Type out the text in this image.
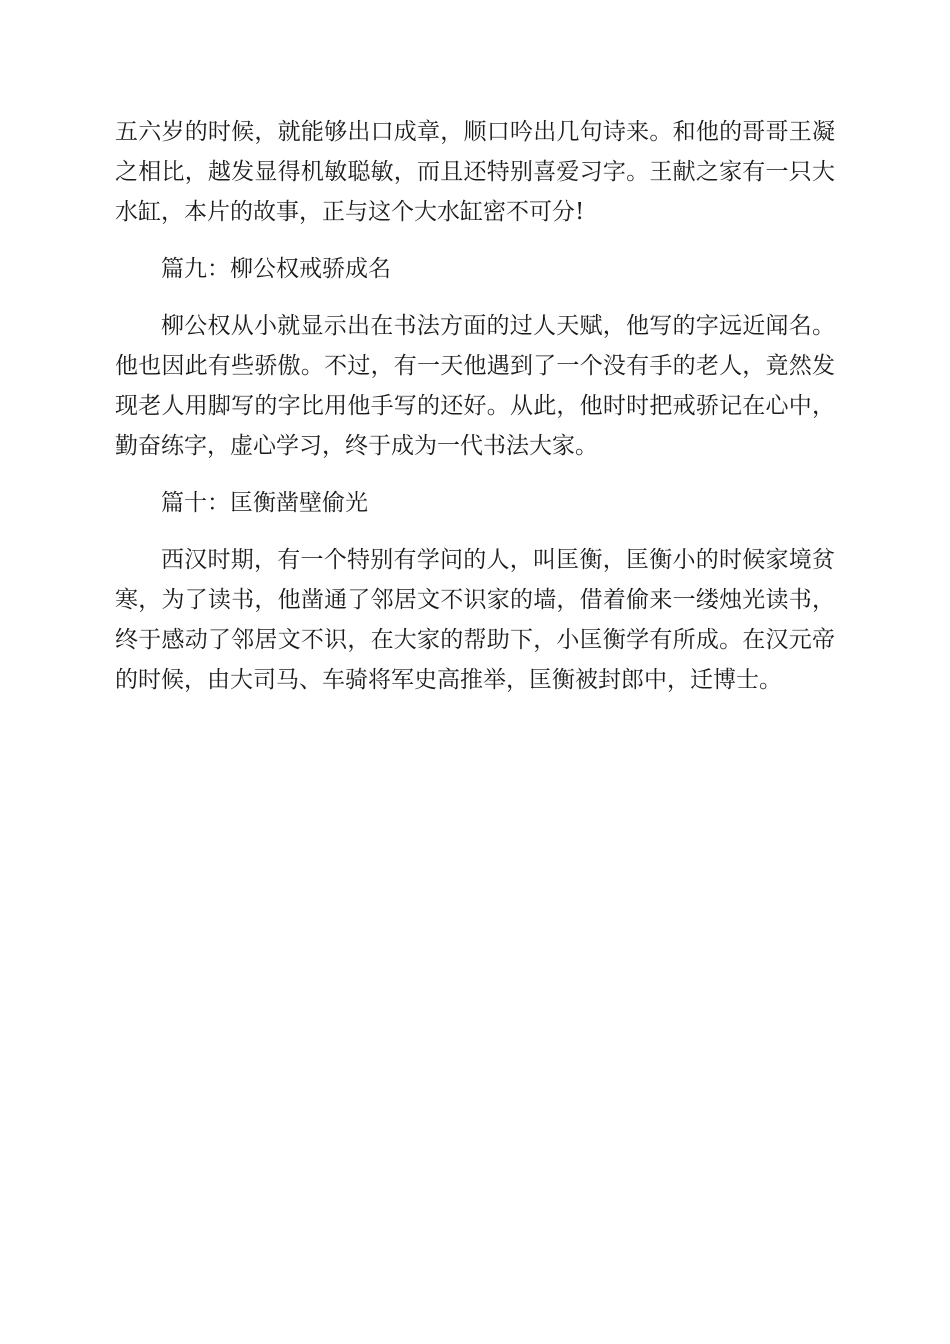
五六岁的时候，就能够出口成章，顺口吟出几句诗来。和他的哥哥王凝之相比，越发显得机敏聪敏，而且还特别喜爱习字。王献之家有一只大水缸，本片的故事，正与这个大水缸密不可分!

篇九：柳公权戒骄成名

柳公权从小就显示出在书法方面的过人天赋，他写的字远近闻名。他也因此有些骄傲。不过，有一天他遇到了一个没有手的老人，竟然发现老人用脚写的字比用他手写的还好。从此，他时时把戒骄记在心中，勤奋练字，虚心学习，终于成为一代书法大家。

篇十：匡衡凿壁偷光

西汉时期，有一个特别有学问的人，叫匡衡，匡衡小的时候家境贫寒，为了读书，他凿通了邻居文不识家的墙，借着偷来一缕烛光读书，终于感动了邻居文不识，在大家的帮助下，小匡衡学有所成。在汉元帝的时候，由大司马、车骑将军史高推举，匡衡被封郎中，迁博士。
